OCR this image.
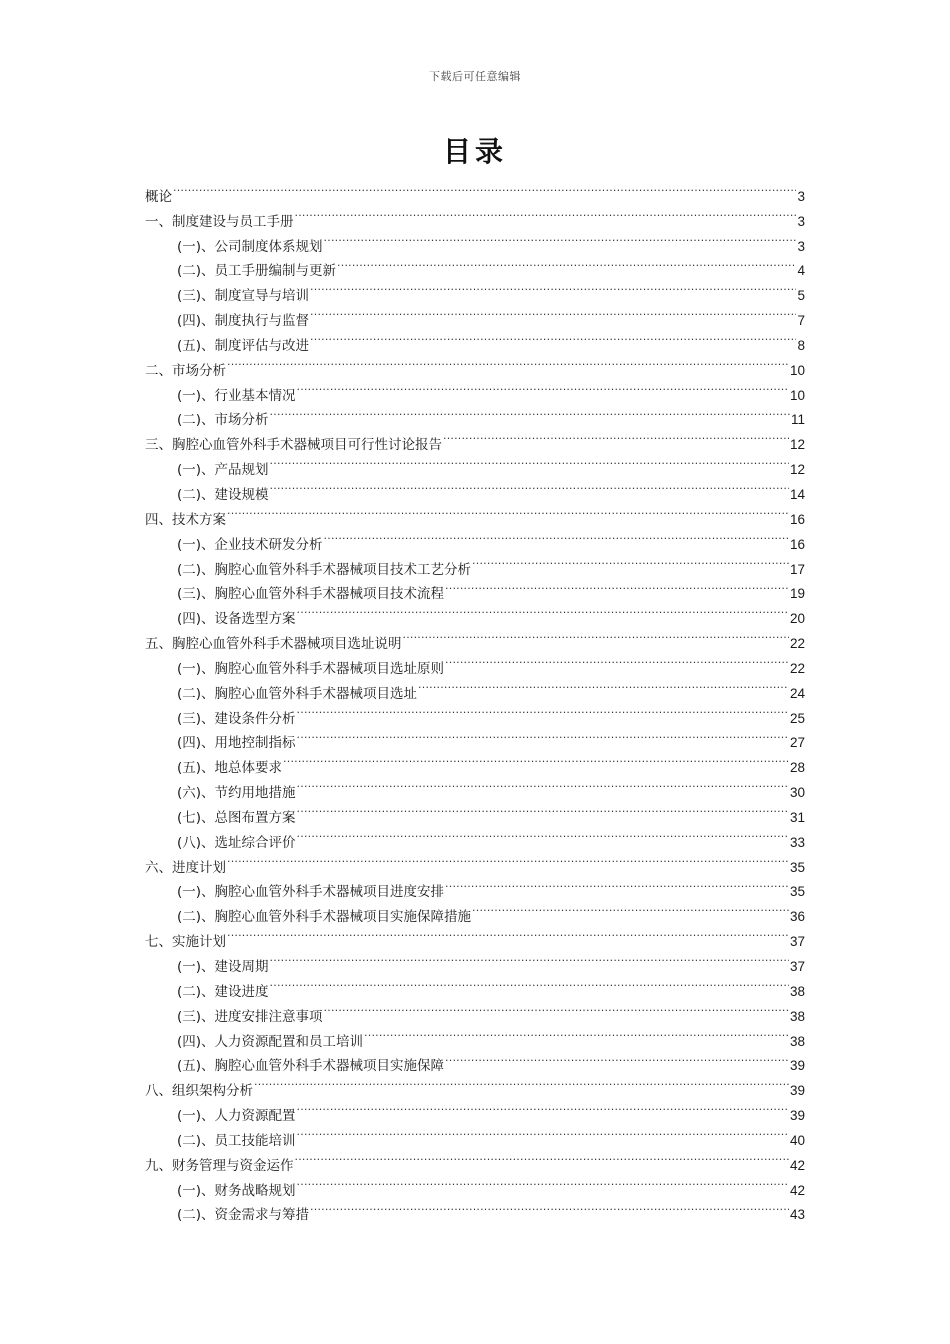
下载后可任意编辑
目录
概论 .....	3
一、制度建设与员工手册 .....	3
(一)、公司制度体系规划 .....	3
(二)、员工手册编制与更新 .....	4
(三)、制度宣导与培训 .....	5
(四)、制度执行与监督 .....	7
(五)、制度评估与改进 .....	8
二、市场分析 .....	10
(一)、行业基本情况 .....	10
(二)、市场分析 .....	11
三、胸腔心血管外科手术器械项目可行性讨论报告 .....	12
(一)、产品规划 .....	12
(二)、建设规模 .....	14
四、技术方案 .....	16
(一)、企业技术研发分析 .....	16
(二)、胸腔心血管外科手术器械项目技术工艺分析 .....	17
(三)、胸腔心血管外科手术器械项目技术流程 .....	19
(四)、设备选型方案 .....	20
五、胸腔心血管外科手术器械项目选址说明 .....	22
(一)、胸腔心血管外科手术器械项目选址原则 .....	22
(二)、胸腔心血管外科手术器械项目选址 .....	24
(三)、建设条件分析 .....	25
(四)、用地控制指标 .....	27
(五)、地总体要求 .....	28
(六)、节约用地措施 .....	30
(七)、总图布置方案 .....	31
(八)、选址综合评价 .....	33
六、进度计划 .....	35
(一)、胸腔心血管外科手术器械项目进度安排 .....	35
(二)、胸腔心血管外科手术器械项目实施保障措施 .....	36
七、实施计划 .....	37
(一)、建设周期 .....	37
(二)、建设进度 .....	38
(三)、进度安排注意事项 .....	38
(四)、人力资源配置和员工培训 .....	38
(五)、胸腔心血管外科手术器械项目实施保障 .....	39
八、组织架构分析 .....	39
(一)、人力资源配置 .....	39
(二)、员工技能培训 .....	40
九、财务管理与资金运作 .....	42
(一)、财务战略规划 .....	42
(二)、资金需求与筹措 .....	43
